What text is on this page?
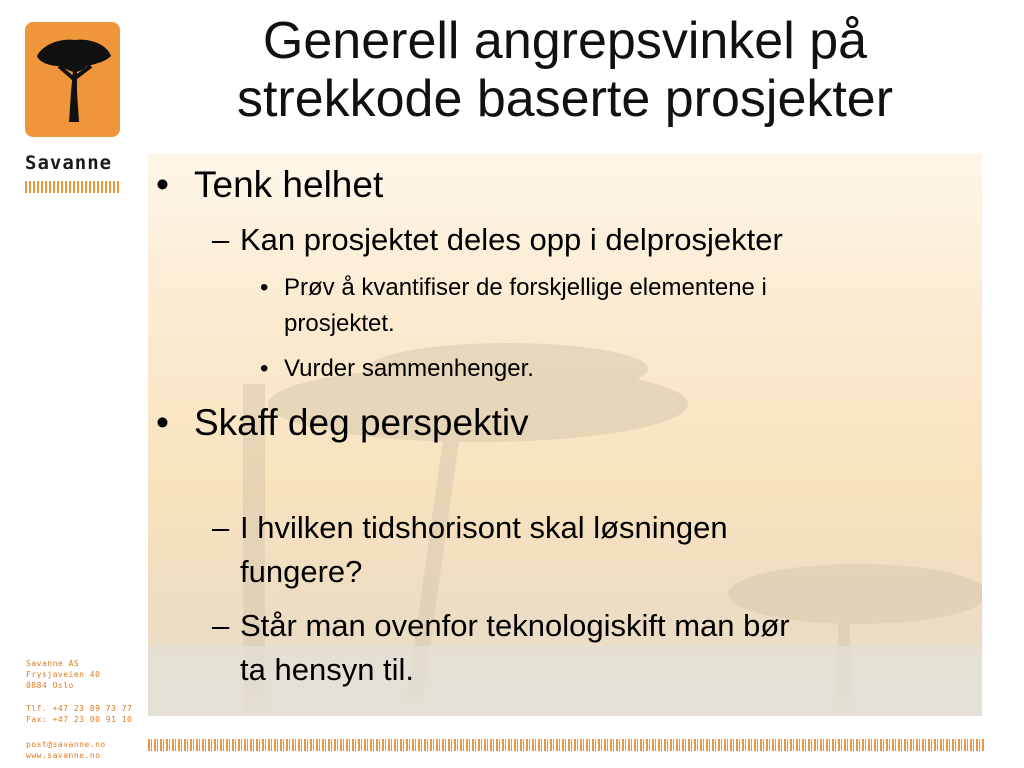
Savanne
Generell angrepsvinkel på
strekkode baserte prosjekter
• Tenk helhet
– Kan prosjektet deles opp i delprosjekter
• Prøv å kvantifiser de forskjellige elementene i
prosjektet.
• Vurder sammenhenger.
• Skaff deg perspektiv
– I hvilken tidshorisont skal løsningen
fungere?
– Står man ovenfor teknologiskift man bør
ta hensyn til.
Savanne AS
Frysjaveien 40
0884 Oslo
Tlf. +47 23 89 73 77
Fax: +47 23 00 91 10
post@savanne.no
www.savanne.no
